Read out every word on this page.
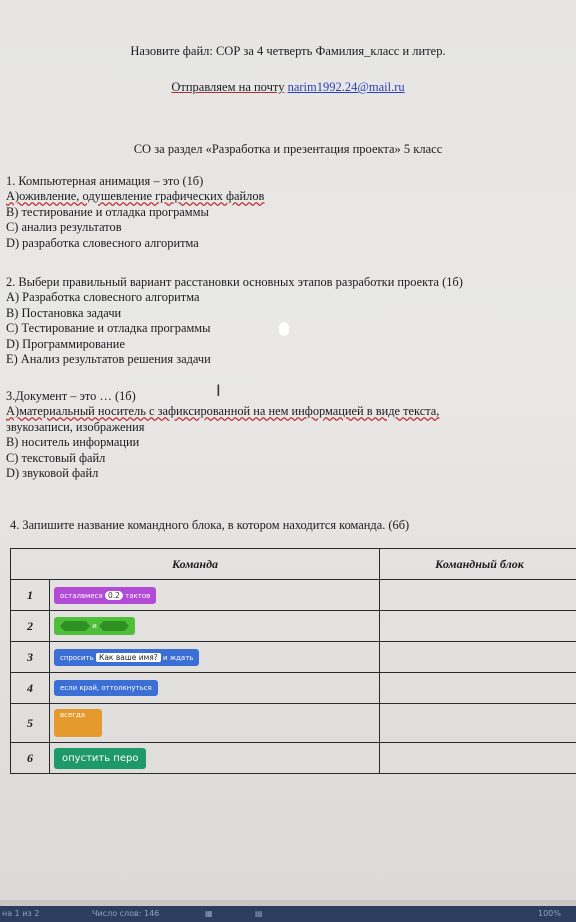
Назовите файл: СОР за 4 четверть Фамилия_класс и литер.
Отправляем на почту narim1992.24@mail.ru
СО за раздел «Разработка и презентация проекта» 5 класс
1. Компьютерная анимация – это (1б)
А)оживление, одушевление графических файлов
В) тестирование и отладка программы
С) анализ результатов
D) разработка словесного алгоритма
2. Выбери правильный вариант расстановки основных этапов разработки проекта (1б)
А) Разработка словесного алгоритма
В) Постановка задачи
С) Тестирование и отладка программы
D) Программирование
Е) Анализ результатов решения задачи
3.Документ – это … (1б)
А)материальный носитель с зафиксированной на нем информацией в виде текста,
звукозаписи, изображения
В) носитель информации
С) текстовый файл
D) звуковой файл
I
4. Запишите название командного блока, в котором находится команда. (6б)
Команда		Командный блок
1	осталвмеся 0.2 тактов	
2	и	
3	спросить Как ваше имя? и ждать	
4	если край, оттолкнуться	
5	всегда	
6	опустить перо	
на 1 из 2	Число слов: 146	▦	▤	100%
